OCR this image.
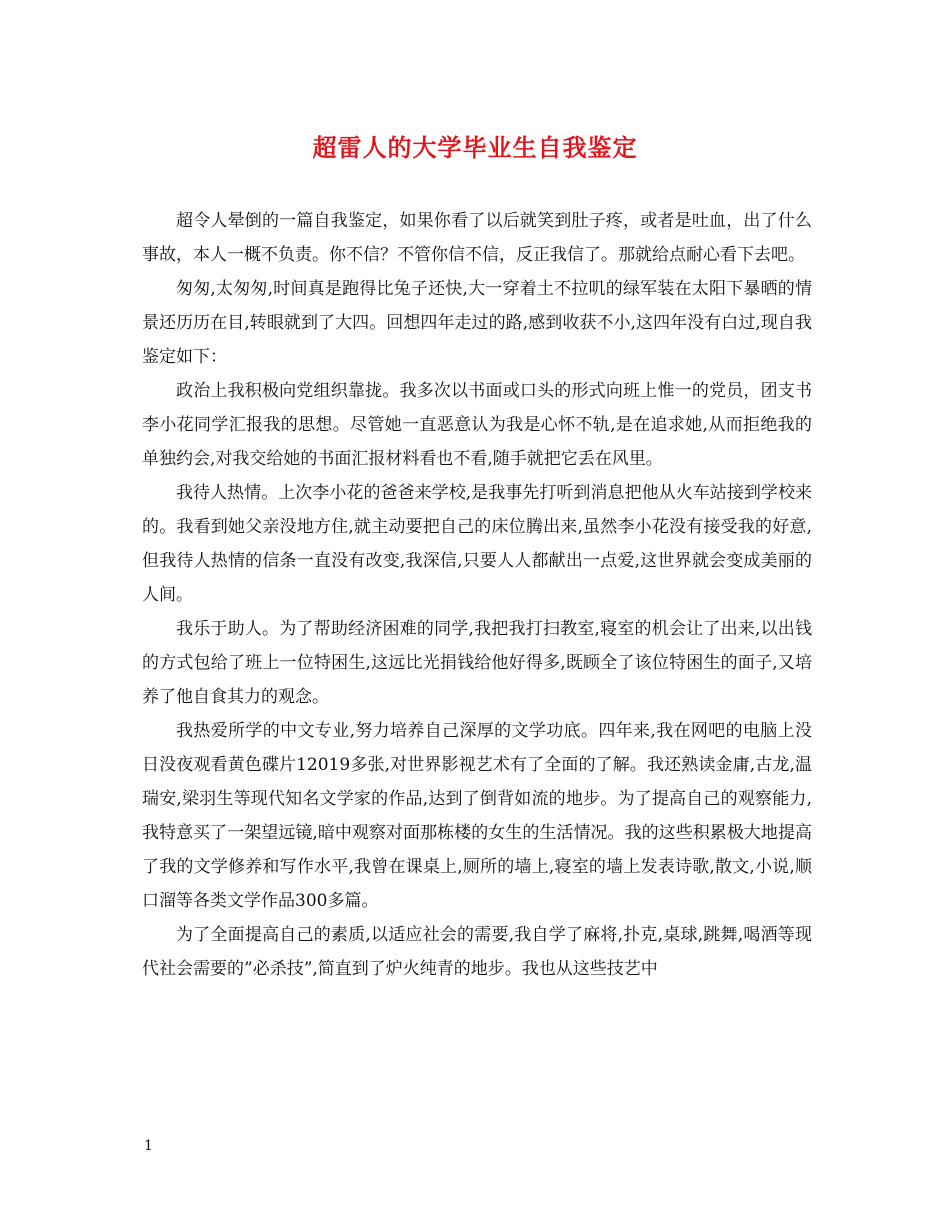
超雷人的大学毕业生自我鉴定

超令人晕倒的一篇自我鉴定，如果你看了以后就笑到肚子疼，或者是吐血，出了什么事故，本人一概不负责。你不信？不管你信不信，反正我信了。那就给点耐心看下去吧。

匆匆,太匆匆,时间真是跑得比兔子还快,大一穿着土不拉叽的绿军装在太阳下暴晒的情景还历历在目,转眼就到了大四。回想四年走过的路,感到收获不小,这四年没有白过,现自我鉴定如下：

政治上我积极向党组织靠拢。我多次以书面或口头的形式向班上惟一的党员，团支书李小花同学汇报我的思想。尽管她一直恶意认为我是心怀不轨,是在追求她,从而拒绝我的单独约会,对我交给她的书面汇报材料看也不看,随手就把它丢在风里。

我待人热情。上次李小花的爸爸来学校,是我事先打听到消息把他从火车站接到学校来的。我看到她父亲没地方住,就主动要把自己的床位腾出来,虽然李小花没有接受我的好意,但我待人热情的信条一直没有改变,我深信,只要人人都献出一点爱,这世界就会变成美丽的人间。

我乐于助人。为了帮助经济困难的同学,我把我打扫教室,寝室的机会让了出来,以出钱的方式包给了班上一位特困生,这远比光捐钱给他好得多,既顾全了该位特困生的面子,又培养了他自食其力的观念。

我热爱所学的中文专业,努力培养自己深厚的文学功底。四年来,我在网吧的电脑上没日没夜观看黄色碟片12019多张,对世界影视艺术有了全面的了解。我还熟读金庸,古龙,温瑞安,梁羽生等现代知名文学家的作品,达到了倒背如流的地步。为了提高自己的观察能力,我特意买了一架望远镜,暗中观察对面那栋楼的女生的生活情况。我的这些积累极大地提高了我的文学修养和写作水平,我曾在课桌上,厕所的墙上,寝室的墙上发表诗歌,散文,小说,顺口溜等各类文学作品300多篇。

为了全面提高自己的素质,以适应社会的需要,我自学了麻将,扑克,桌球,跳舞,喝酒等现代社会需要的”必杀技”,简直到了炉火纯青的地步。我也从这些技艺中

1
